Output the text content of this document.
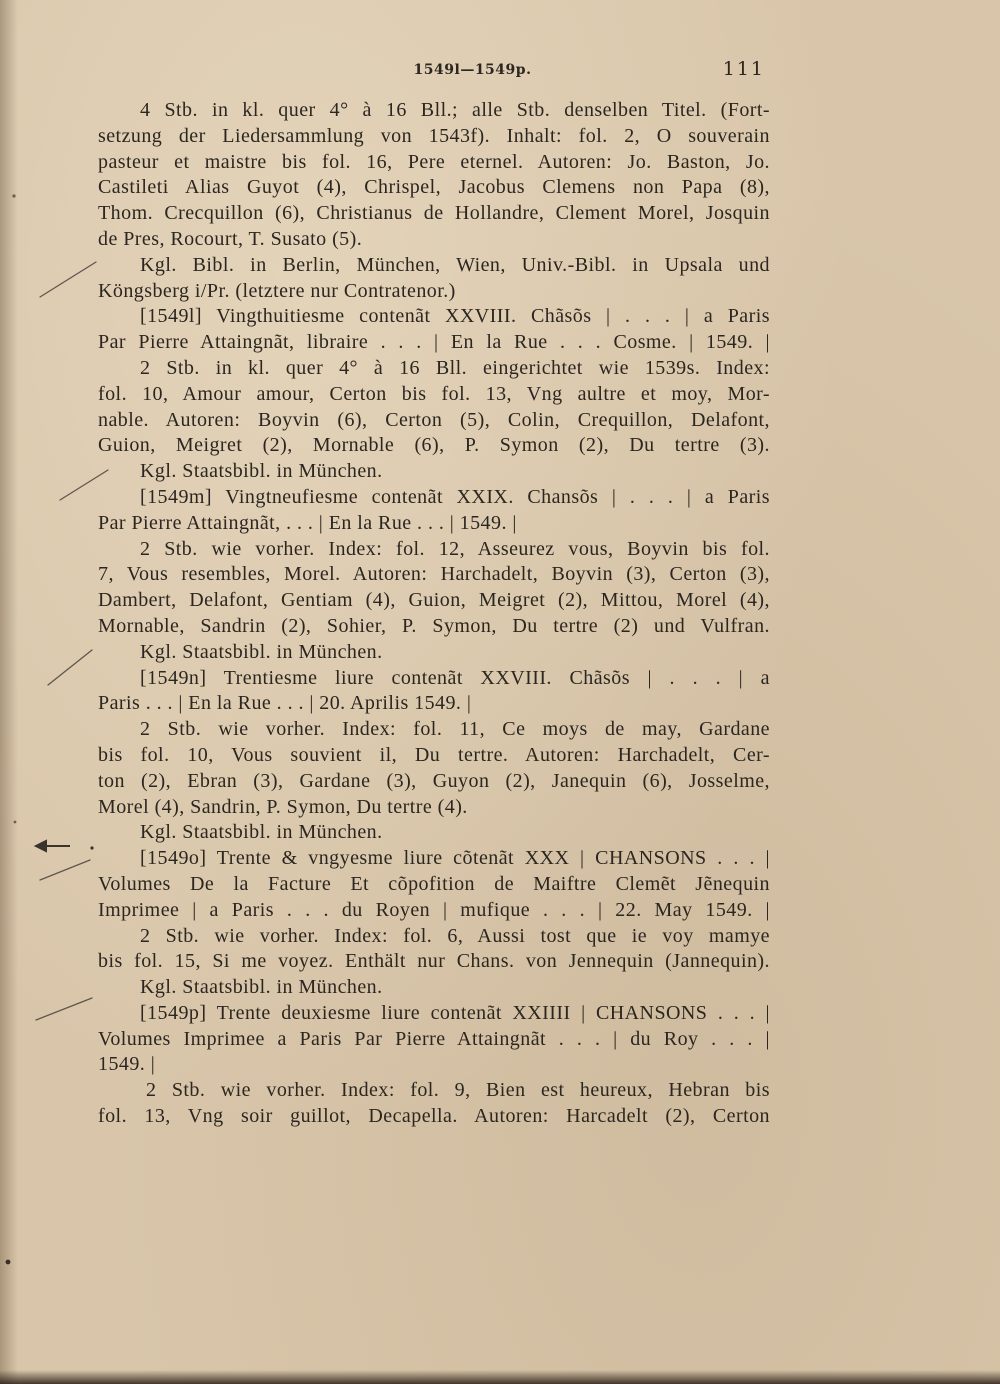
1549l—1549p.	111
4 Stb. in kl. quer 4° à 16 Bll.; alle Stb. denselben Titel. (Fort-
setzung der Liedersammlung von 1543f). Inhalt: fol. 2, O souverain
pasteur et maistre bis fol. 16, Pere eternel. Autoren: Jo. Baston, Jo.
Castileti Alias Guyot (4), Chrispel, Jacobus Clemens non Papa (8),
Thom. Crecquillon (6), Christianus de Hollandre, Clement Morel, Josquin
de Pres, Rocourt, T. Susato (5).
Kgl. Bibl. in Berlin, München, Wien, Univ.-Bibl. in Upsala und
Köngsberg i/Pr. (letztere nur Contratenor.)
[1549l] Vingthuitiesme contenãt XXVIII. Chãsõs | . . . | a Paris
Par Pierre Attaingnãt, libraire . . . | En la Rue . . . Cosme. | 1549. |
2 Stb. in kl. quer 4° à 16 Bll. eingerichtet wie 1539s. Index:
fol. 10, Amour amour, Certon bis fol. 13, Vng aultre et moy, Mor-
nable. Autoren: Boyvin (6), Certon (5), Colin, Crequillon, Delafont,
Guion, Meigret (2), Mornable (6), P. Symon (2), Du tertre (3).
Kgl. Staatsbibl. in München.
[1549m] Vingtneufiesme contenãt XXIX. Chansõs | . . . | a Paris
Par Pierre Attaingnãt, . . . | En la Rue . . . | 1549. |
2 Stb. wie vorher. Index: fol. 12, Asseurez vous, Boyvin bis fol.
7, Vous resembles, Morel. Autoren: Harchadelt, Boyvin (3), Certon (3),
Dambert, Delafont, Gentiam (4), Guion, Meigret (2), Mittou, Morel (4),
Mornable, Sandrin (2), Sohier, P. Symon, Du tertre (2) und Vulfran.
Kgl. Staatsbibl. in München.
[1549n] Trentiesme liure contenãt XXVIII. Chãsõs | . . . | a
Paris . . . | En la Rue . . . | 20. Aprilis 1549. |
2 Stb. wie vorher. Index: fol. 11, Ce moys de may, Gardane
bis fol. 10, Vous souvient il, Du tertre. Autoren: Harchadelt, Cer-
ton (2), Ebran (3), Gardane (3), Guyon (2), Janequin (6), Josselme,
Morel (4), Sandrin, P. Symon, Du tertre (4).
Kgl. Staatsbibl. in München.
[1549o] Trente & vngyesme liure cõtenãt XXX | CHANSONS . . . |
Volumes De la Facture Et cõpofition de Maiftre Clemẽt Jẽnequin
Imprimee | a Paris . . . du Royen | mufique . . . | 22. May 1549. |
2 Stb. wie vorher. Index: fol. 6, Aussi tost que ie voy mamye
bis fol. 15, Si me voyez. Enthält nur Chans. von Jennequin (Jannequin).
Kgl. Staatsbibl. in München.
[1549p] Trente deuxiesme liure contenãt XXIIII | CHANSONS . . . |
Volumes Imprimee a Paris Par Pierre Attaingnãt . . . | du Roy . . . |
1549. |
2 Stb. wie vorher. Index: fol. 9, Bien est heureux, Hebran bis
fol. 13, Vng soir guillot, Decapella. Autoren: Harcadelt (2), Certon
